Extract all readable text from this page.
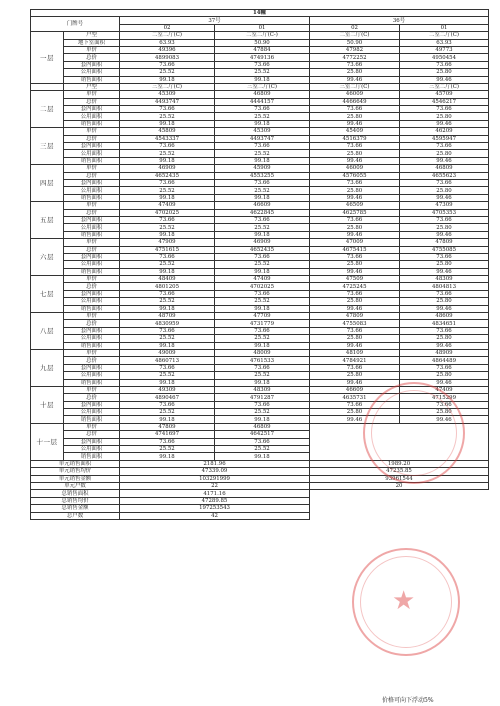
14幢					
门牌号		37号		36号	
		02	01	02	01
一层	户型	二室二厅(C)	二室二厅(C-)	二室二厅(C)	二室二厅(C)
	地下室面积	63.93	50.90	50.90	63.93
	单价	49396	47884	47982	49773
	总价	4899083	4749136	4772252	4950454
	套内面积	73.66	73.66	73.66	73.66
	公用面积	25.52	25.52	25.80	25.80
	销售面积	99.18	99.18	99.46	99.46
	户型	三室二厅(C)	三室二厅(C)	三室二厅(C)	三室二厅(C)
二层	单价	45309	46809	46009	45709
	总价	4493747	4444157	4466649	4546217
	套内面积	73.66	73.66	73.66	73.66
	公用面积	25.52	25.52	25.80	25.80
	销售面积	99.18	99.18	99.46	99.46
三层	单价	45809	45309	45409	46209
	总价	4543337	4493747	4516379	4595947
	套内面积	73.66	73.66	73.66	73.66
	公用面积	25.52	25.52	25.80	25.80
	销售面积	99.18	99.18	99.46	99.46
四层	单价	46909	45909	46009	46809
	总价	4652435	4553255	4576055	4655623
	套内面积	73.66	73.66	73.66	73.66
	公用面积	25.52	25.52	25.80	25.80
	销售面积	99.18	99.18	99.46	99.46
五层	单价	47409	46609	46509	47309
	总价	4702025	4622845	4625785	4705353
	套内面积	73.66	73.66	73.66	73.66
	公用面积	25.52	25.52	25.80	25.80
	销售面积	99.18	99.18	99.46	99.46
六层	单价	47909	46909	47009	47809
	总价	4751615	4652435	4675415	4755085
	套内面积	73.66	73.66	73.66	73.66
	公用面积	25.52	25.52	25.80	25.80
	销售面积	99.18	99.18	99.46	99.46
七层	单价	48409	47409	47509	48309
	总价	4801205	4702025	4725245	4804813
	套内面积	73.66	73.66	73.66	73.66
	公用面积	25.52	25.52	25.80	25.80
	销售面积	99.18	99.18	99.46	99.46
八层	单价	48709	47709	47809	48609
	总价	4830959	4731779	4755083	4834651
	套内面积	73.66	73.66	73.66	73.66
	公用面积	25.52	25.52	25.80	25.80
	销售面积	99.18	99.18	99.46	99.46
九层	单价	49009	48009	48109	48909
	总价	4860713	4761533	4784921	4864489
	套内面积	73.66	73.66	73.66	73.66
	公用面积	25.52	25.52	25.80	25.80
	销售面积	99.18	99.18	99.46	99.46
十层	单价	49309	48309	46609	47409
	总价	4890467	4791287	4635731	4715299
	套内面积	73.66	73.66	73.66	73.66
	公用面积	25.52	25.52	25.80	25.80
	销售面积	99.18	99.18	99.46	99.46
十一层	单价	47809	46809		
	总价	4741697	4642517		
	套内面积	73.66	73.66		
	公用面积	25.52	25.52		
	销售面积	99.18	99.18		
单元销售面积		2181.96		1989.20	
单元销售均价		47339.09		47235.85	
单元销售金额		103291999		93961544	
单元户数		22		20	
总销售面积		4171.16			
总销售均价		47289.85			
总销售金额		197253543			
总户数		42			
★
价格可向下浮动5%
